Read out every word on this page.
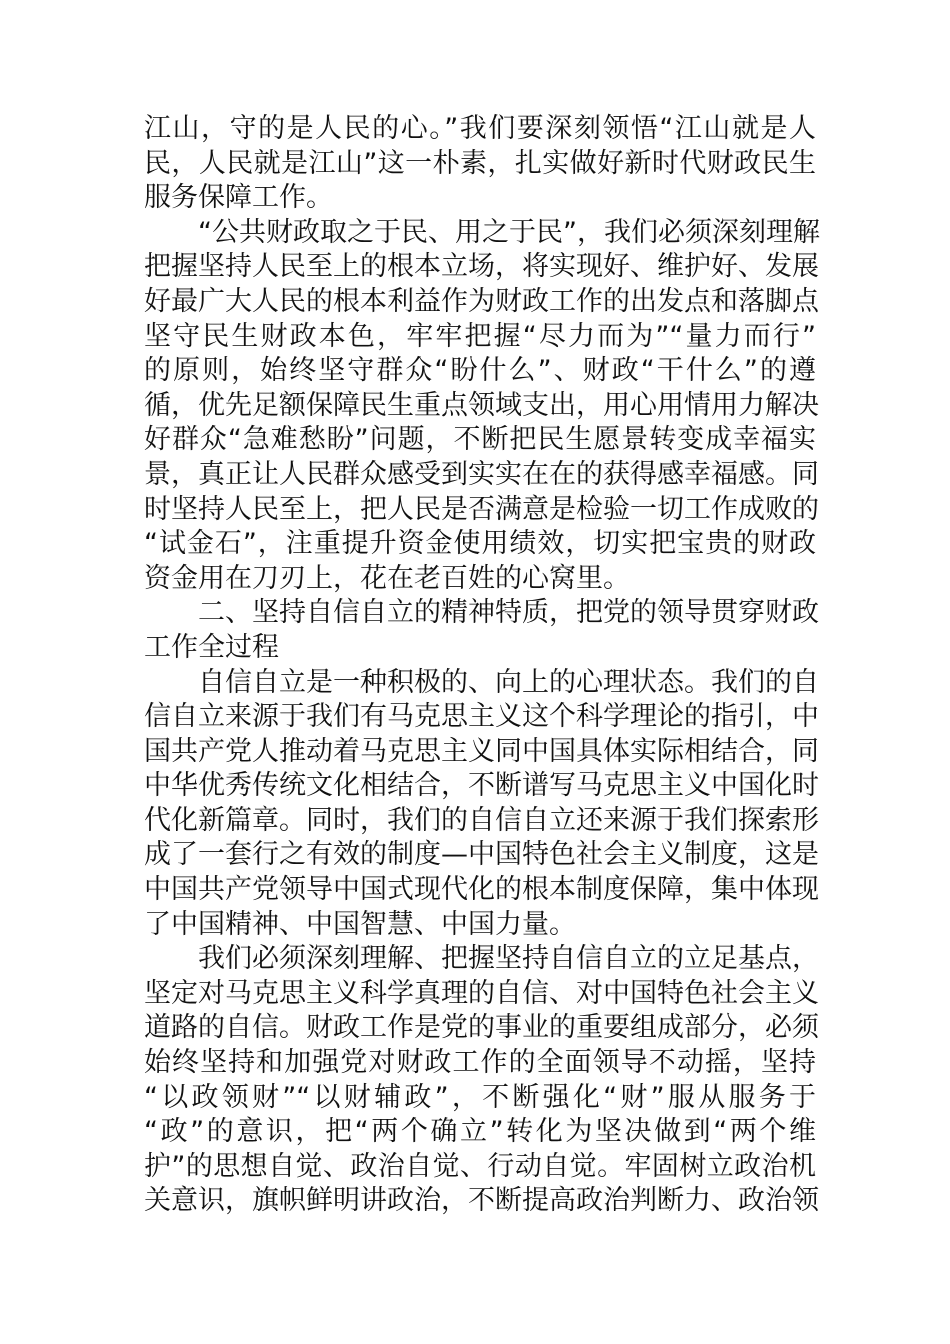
江山，守的是人民的心。”我们要深刻领悟“江山就是人
民，人民就是江山”这一朴素，扎实做好新时代财政民生
服务保障工作。
“公共财政取之于民、用之于民”，我们必须深刻理解
把握坚持人民至上的根本立场，将实现好、维护好、发展
好最广大人民的根本利益作为财政工作的出发点和落脚点
坚守民生财政本色，牢牢把握“尽力而为”“量力而行”
的原则，始终坚守群众“盼什么”、财政“干什么”的遵
循，优先足额保障民生重点领域支出，用心用情用力解决
好群众“急难愁盼”问题，不断把民生愿景转变成幸福实
景，真正让人民群众感受到实实在在的获得感幸福感。同
时坚持人民至上，把人民是否满意是检验一切工作成败的
“试金石”，注重提升资金使用绩效，切实把宝贵的财政
资金用在刀刃上，花在老百姓的心窝里。
二、坚持自信自立的精神特质，把党的领导贯穿财政
工作全过程
自信自立是一种积极的、向上的心理状态。我们的自
信自立来源于我们有马克思主义这个科学理论的指引，中
国共产党人推动着马克思主义同中国具体实际相结合，同
中华优秀传统文化相结合，不断谱写马克思主义中国化时
代化新篇章。同时，我们的自信自立还来源于我们探索形
成了一套行之有效的制度—中国特色社会主义制度，这是
中国共产党领导中国式现代化的根本制度保障，集中体现
了中国精神、中国智慧、中国力量。
我们必须深刻理解、把握坚持自信自立的立足基点，
坚定对马克思主义科学真理的自信、对中国特色社会主义
道路的自信。财政工作是党的事业的重要组成部分，必须
始终坚持和加强党对财政工作的全面领导不动摇，坚持
“以政领财”“以财辅政”，不断强化“财”服从服务于
“政”的意识，把“两个确立”转化为坚决做到“两个维
护”的思想自觉、政治自觉、行动自觉。牢固树立政治机
关意识，旗帜鲜明讲政治，不断提高政治判断力、政治领
